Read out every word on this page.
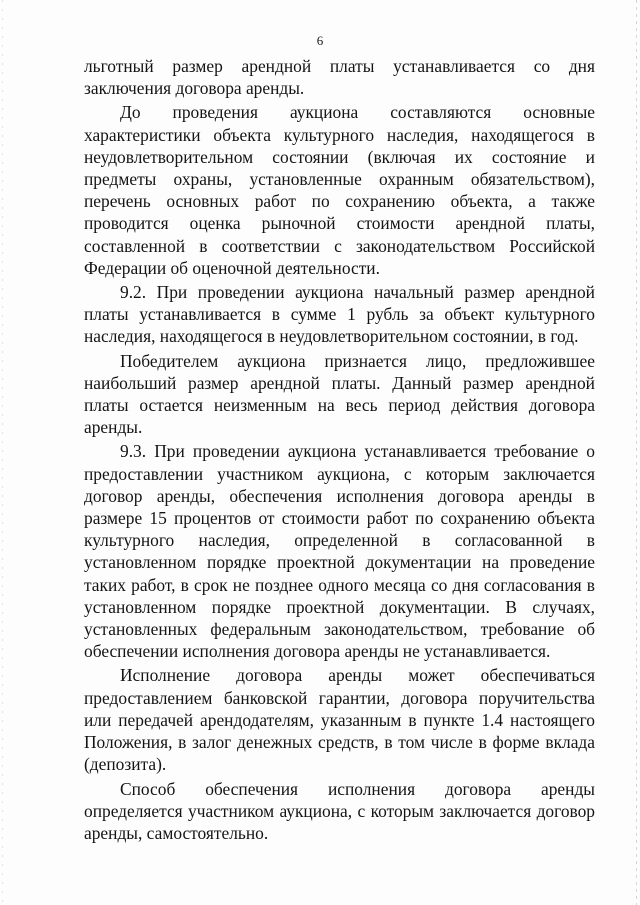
6

льготный размер арендной платы устанавливается со дня заключения договора аренды.

До проведения аукциона составляются основные характеристики объекта культурного наследия, находящегося в неудовлетворительном состоянии (включая их состояние и предметы охраны, установленные охранным обязательством), перечень основных работ по сохранению объекта, а также проводится оценка рыночной стоимости арендной платы, составленной в соответствии с законодательством Российской Федерации об оценочной деятельности.

9.2. При проведении аукциона начальный размер арендной платы устанавливается в сумме 1 рубль за объект культурного наследия, находящегося в неудовлетворительном состоянии, в год.

Победителем аукциона признается лицо, предложившее наибольший размер арендной платы. Данный размер арендной платы остается неизменным на весь период действия договора аренды.

9.3. При проведении аукциона устанавливается требование о предоставлении участником аукциона, с которым заключается договор аренды, обеспечения исполнения договора аренды в размере 15 процентов от стоимости работ по сохранению объекта культурного наследия, определенной в согласованной в установленном порядке проектной документации на проведение таких работ, в срок не позднее одного месяца со дня согласования в установленном порядке проектной документации. В случаях, установленных федеральным законодательством, требование об обеспечении исполнения договора аренды не устанавливается.

Исполнение договора аренды может обеспечиваться предоставлением банковской гарантии, договора поручительства или передачей арендодателям, указанным в пункте 1.4 настоящего Положения, в залог денежных средств, в том числе в форме вклада (депозита).

Способ обеспечения исполнения договора аренды определяется участником аукциона, с которым заключается договор аренды, самостоятельно.
